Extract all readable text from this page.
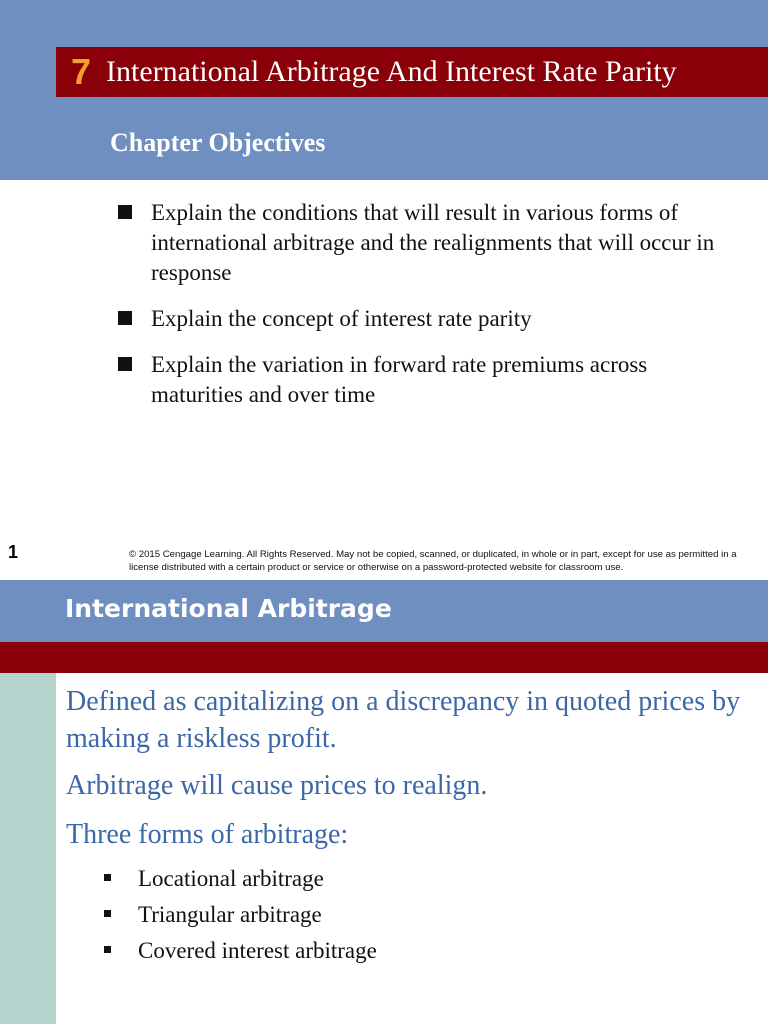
7 International Arbitrage And Interest Rate Parity
Chapter Objectives
Explain the conditions that will result in various forms of international arbitrage and the realignments that will occur in response
Explain the concept of interest rate parity
Explain the variation in forward rate premiums across maturities and over time
1	© 2015 Cengage Learning. All Rights Reserved. May not be copied, scanned, or duplicated, in whole or in part, except for use as permitted in a license distributed with a certain product or service or otherwise on a password-protected website for classroom use.
International Arbitrage

Defined as capitalizing on a discrepancy in quoted prices by making a riskless profit.

Arbitrage will cause prices to realign.

Three forms of arbitrage:

Locational arbitrage
Triangular arbitrage
Covered interest arbitrage
